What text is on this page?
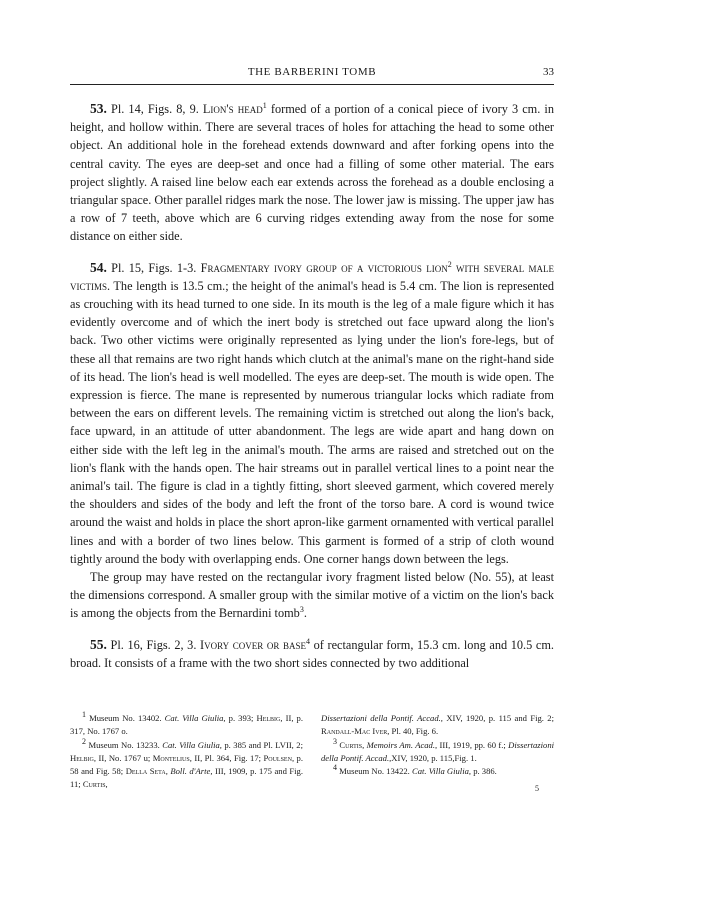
THE BARBERINI TOMB	33

53. Pl. 14, Figs. 8, 9. Lion's head$^1$ formed of a portion of a conical piece of ivory 3 cm. in height, and hollow within. There are several traces of holes for attaching the head to some other object. An additional hole in the forehead extends downward and after forking opens into the central cavity. The eyes are deep-set and once had a filling of some other material. The ears project slightly. A raised line below each ear extends across the forehead as a double enclosing a triangular space. Other parallel ridges mark the nose. The lower jaw is missing. The upper jaw has a row of 7 teeth, above which are 6 curving ridges extending away from the nose for some distance on either side.

54. Pl. 15, Figs. 1-3. Fragmentary ivory group of a victorious lion$^2$ with several male victims. The length is 13.5 cm.; the height of the animal's head is 5.4 cm. The lion is represented as crouching with its head turned to one side. In its mouth is the leg of a male figure which it has evidently overcome and of which the inert body is stretched out face upward along the lion's back. Two other victims were originally represented as lying under the lion's fore-legs, but of these all that remains are two right hands which clutch at the animal's mane on the right-hand side of its head. The lion's head is well modelled. The eyes are deep-set. The mouth is wide open. The expression is fierce. The mane is represented by numerous triangular locks which radiate from between the ears on different levels. The remaining victim is stretched out along the lion's back, face upward, in an attitude of utter abandonment. The legs are wide apart and hang down on either side with the left leg in the animal's mouth. The arms are raised and stretched out on the lion's flank with the hands open. The hair streams out in parallel vertical lines to a point near the animal's tail. The figure is clad in a tightly fitting, short sleeved garment, which covered merely the shoulders and sides of the body and left the front of the torso bare. A cord is wound twice around the waist and holds in place the short apron-like garment ornamented with vertical parallel lines and with a border of two lines below. This garment is formed of a strip of cloth wound tightly around the body with overlapping ends. One corner hangs down between the legs.

The group may have rested on the rectangular ivory fragment listed below (No. 55), at least the dimensions correspond. A smaller group with the similar motive of a victim on the lion's back is among the objects from the Bernardini tomb$^3$.

55. Pl. 16, Figs. 2, 3. Ivory cover or base$^4$ of rectangular form, 15.3 cm. long and 10.5 cm. broad. It consists of a frame with the two short sides connected by two additional

$^1$ Museum No. 13402. Cat. Villa Giulia, p. 393; Helbig, II, p. 317, No. 1767 o.

$^2$ Museum No. 13233. Cat. Villa Giulia, p. 385 and Pl. LVII, 2; Helbig, II, No. 1767 u; Montelius, II, Pl. 364, Fig. 17; Poulsen, p. 58 and Fig. 58; Della Seta, Boll. d'Arte, III, 1909, p. 175 and Fig. 11; Curtis,

Dissertazioni della Pontif. Accad., XIV, 1920, p. 115 and Fig. 2; Randall-Mac Iver, Pl. 40, Fig. 6.

$^3$ Curtis, Memoirs Am. Acad., III, 1919, pp. 60 f.; Dissertazioni della Pontif. Accad.,XIV, 1920, p. 115,Fig. 1.

$^4$ Museum No. 13422. Cat. Villa Giulia, p. 386.

5
